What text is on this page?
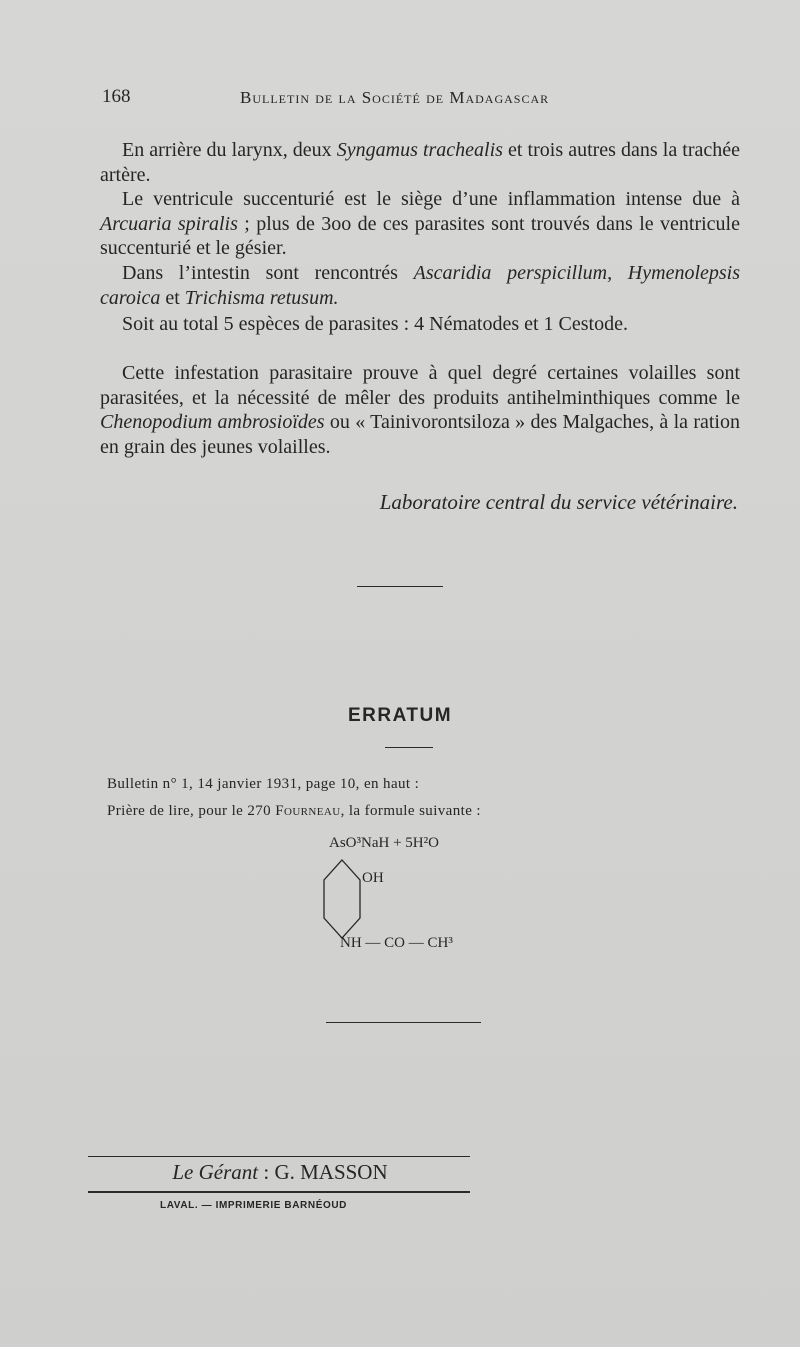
168	Bulletin de la Société de Madagascar

En arrière du larynx, deux Syngamus trachealis et trois autres dans la trachée artère.

Le ventricule succenturié est le siège d’une inflammation intense due à Arcuaria spiralis ; plus de 3oo de ces parasites sont trouvés dans le ventricule succenturié et le gésier.

Dans l’intestin sont rencontrés Ascaridia perspicillum, Hymenolepsis caroica et Trichisma retusum.

Soit au total 5 espèces de parasites : 4 Nématodes et 1 Cestode.

Cette infestation parasitaire prouve à quel degré certaines volailles sont parasitées, et la nécessité de mêler des produits antihelminthiques comme le Chenopodium ambrosioïdes ou « Tainivorontsiloza » des Malgaches, à la ration en grain des jeunes volailles.

Laboratoire central du service vétérinaire.
ERRATUM
Bulletin n° 1, 14 janvier 1931, page 10, en haut :
Prière de lire, pour le 270 Fourneau, la formule suivante :
AsO³NaH + 5H²O
OH
NH — CO — CH³
Le Gérant : G. MASSON
LAVAL. — IMPRIMERIE BARNÉOUD
